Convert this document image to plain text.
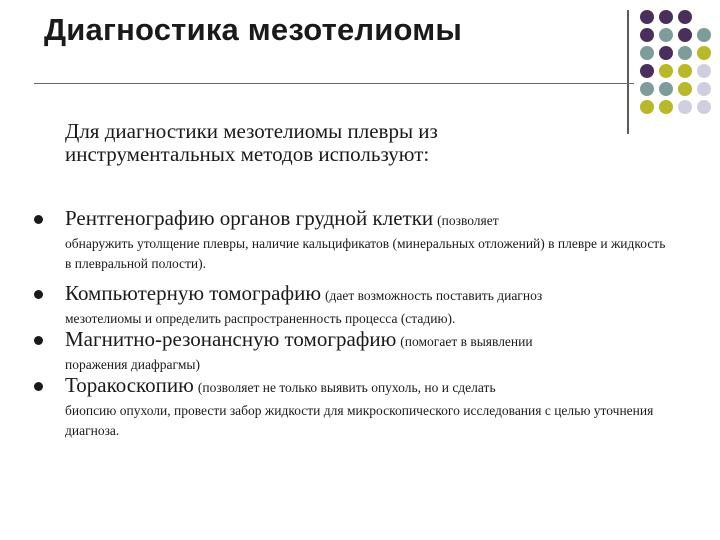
Диагностика мезотелиомы
Для диагностики мезотелиомы плевры из инструментальных методов используют:
Рентгенографию органов грудной клетки (позволяет
обнаружить утолщение плевры, наличие кальцификатов (минеральных отложений) в плевре и жидкость в плевральной полости).
Компьютерную томографию (дает возможность поставить диагноз
мезотелиомы и определить распространенность процесса (стадию).
Магнитно-резонансную томографию (помогает в выявлении
поражения диафрагмы)
Торакоскопию (позволяет не только выявить опухоль, но и сделать
биопсию опухоли, провести забор жидкости для микроскопического исследования с целью уточнения диагноза.
